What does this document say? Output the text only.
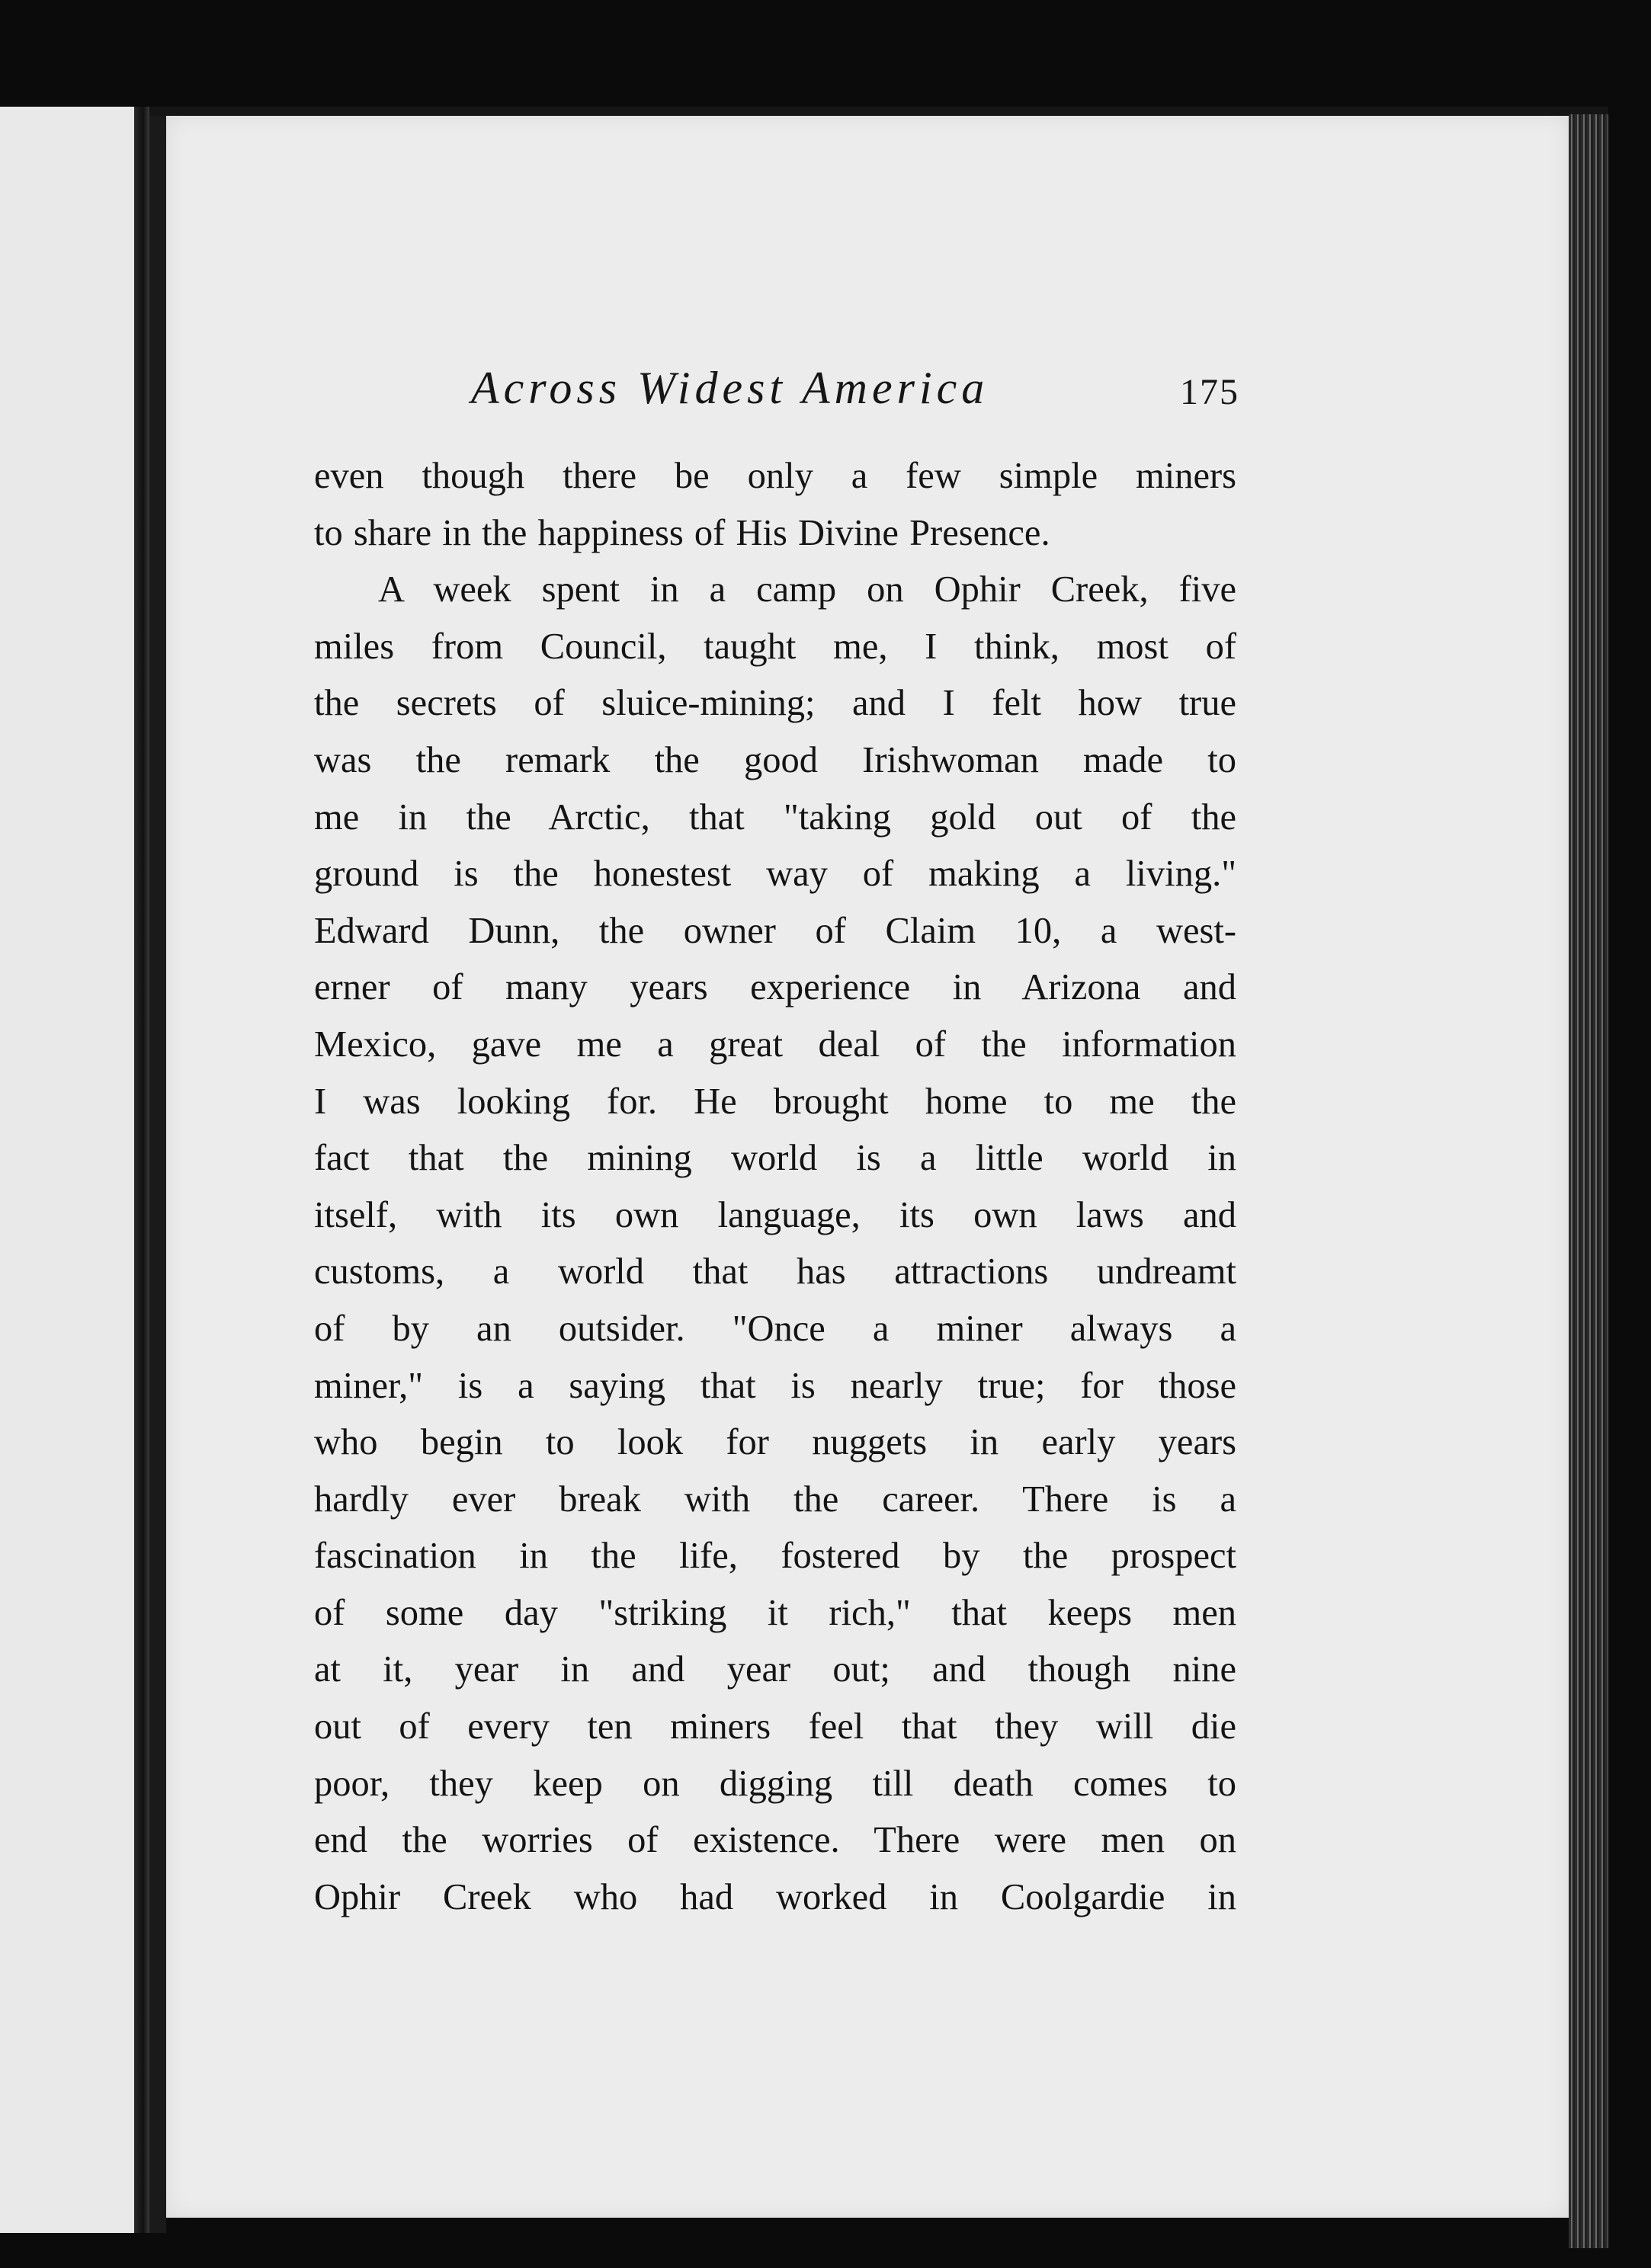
Across Widest America	175
even though there be only a few simple miners
to share in the happiness of His Divine Presence.
A week spent in a camp on Ophir Creek, five
miles from Council, taught me, I think, most of
the secrets of sluice-mining; and I felt how true
was the remark the good Irishwoman made to
me in the Arctic, that "taking gold out of the
ground is the honestest way of making a living."
Edward Dunn, the owner of Claim 10, a west-
erner of many years experience in Arizona and
Mexico, gave me a great deal of the information
I was looking for. He brought home to me the
fact that the mining world is a little world in
itself, with its own language, its own laws and
customs, a world that has attractions undreamt
of by an outsider. "Once a miner always a
miner," is a saying that is nearly true; for those
who begin to look for nuggets in early years
hardly ever break with the career. There is a
fascination in the life, fostered by the prospect
of some day "striking it rich," that keeps men
at it, year in and year out; and though nine
out of every ten miners feel that they will die
poor, they keep on digging till death comes to
end the worries of existence. There were men on
Ophir Creek who had worked in Coolgardie in
